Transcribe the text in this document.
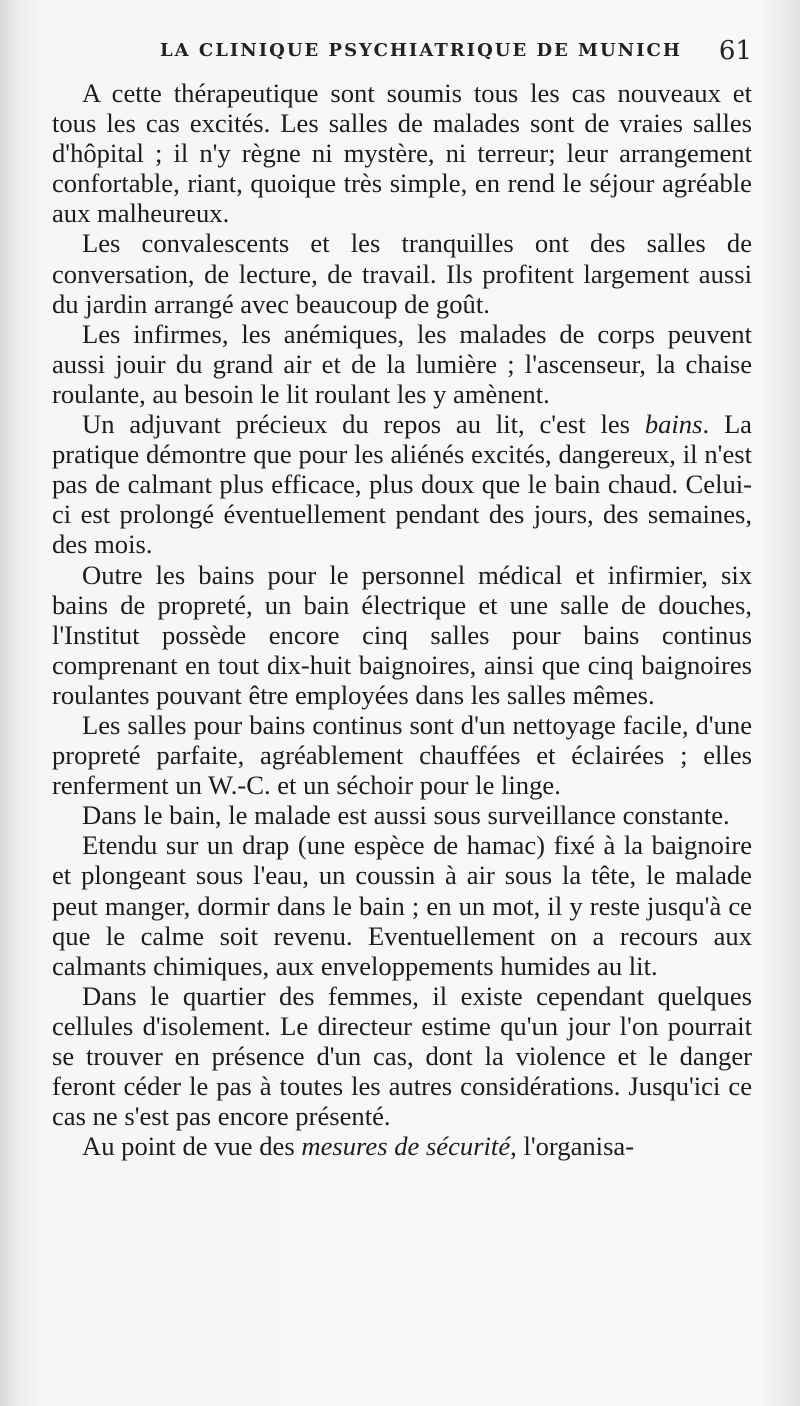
LA CLINIQUE PSYCHIATRIQUE DE MUNICH 61

A cette thérapeutique sont soumis tous les cas nouveaux et tous les cas excités. Les salles de malades sont de vraies salles d'hôpital ; il n'y règne ni mystère, ni terreur; leur arrangement confortable, riant, quoique très simple, en rend le séjour agréable aux malheureux.

Les convalescents et les tranquilles ont des salles de conversation, de lecture, de travail. Ils profitent largement aussi du jardin arrangé avec beaucoup de goût.

Les infirmes, les anémiques, les malades de corps peuvent aussi jouir du grand air et de la lumière ; l'ascenseur, la chaise roulante, au besoin le lit roulant les y amènent.

Un adjuvant précieux du repos au lit, c'est les bains. La pratique démontre que pour les aliénés excités, dangereux, il n'est pas de calmant plus efficace, plus doux que le bain chaud. Celui-ci est prolongé éventuellement pendant des jours, des semaines, des mois.

Outre les bains pour le personnel médical et infirmier, six bains de propreté, un bain électrique et une salle de douches, l'Institut possède encore cinq salles pour bains continus comprenant en tout dix-huit baignoires, ainsi que cinq baignoires roulantes pouvant être employées dans les salles mêmes.

Les salles pour bains continus sont d'un nettoyage facile, d'une propreté parfaite, agréablement chauffées et éclairées ; elles renferment un W.-C. et un séchoir pour le linge.

Dans le bain, le malade est aussi sous surveillance constante.

Etendu sur un drap (une espèce de hamac) fixé à la baignoire et plongeant sous l'eau, un coussin à air sous la tête, le malade peut manger, dormir dans le bain ; en un mot, il y reste jusqu'à ce que le calme soit revenu. Eventuellement on a recours aux calmants chimiques, aux enveloppements humides au lit.

Dans le quartier des femmes, il existe cependant quelques cellules d'isolement. Le directeur estime qu'un jour l'on pourrait se trouver en présence d'un cas, dont la violence et le danger feront céder le pas à toutes les autres considérations. Jusqu'ici ce cas ne s'est pas encore présenté.

Au point de vue des mesures de sécurité, l'organisa-
